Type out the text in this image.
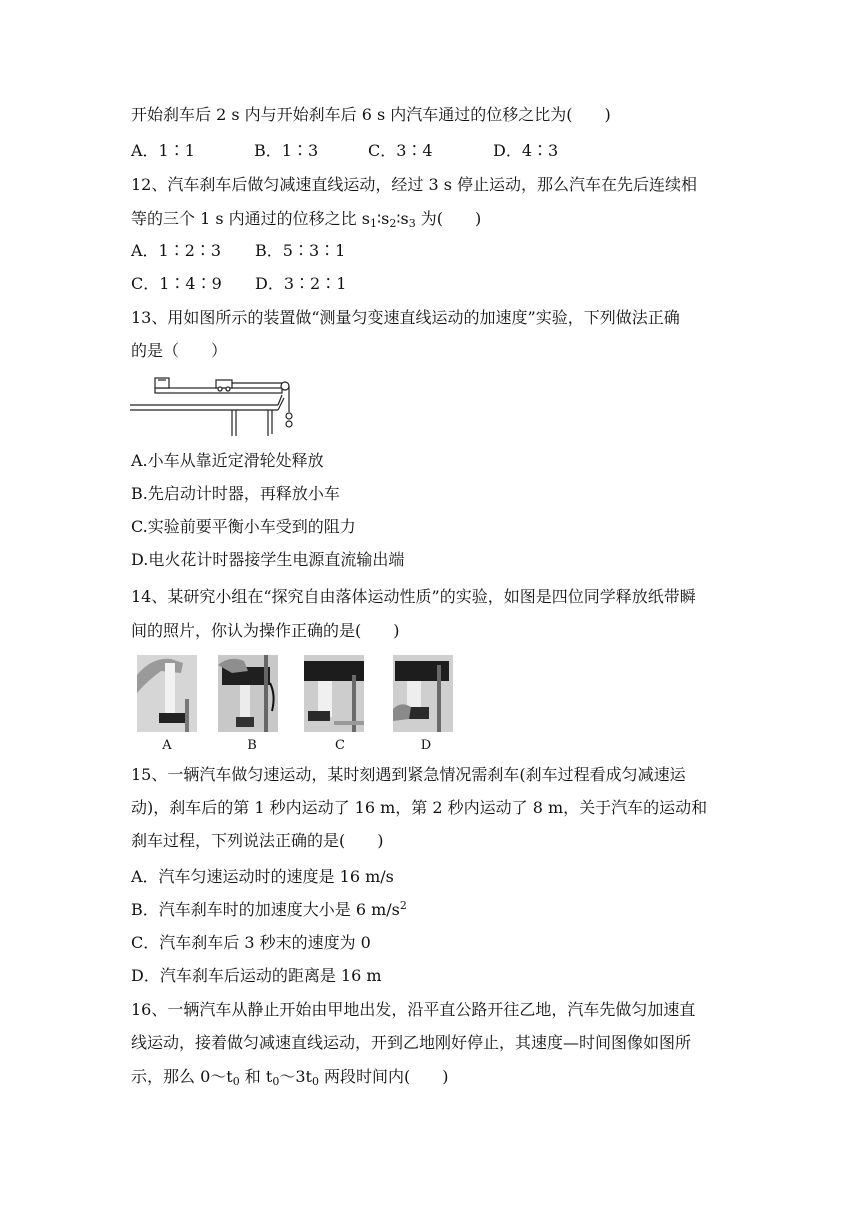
开始刹车后 2 s 内与开始刹车后 6 s 内汽车通过的位移之比为(　　)
A．1∶1	B．1∶3	C．3∶4	D．4∶3
12、汽车刹车后做匀减速直线运动，经过 3 s 停止运动，那么汽车在先后连续相
等的三个 1 s 内通过的位移之比 $s_1∶s_2∶s_3$ 为(　　)
A．1∶2∶3 B．5∶3∶1
C．1∶4∶9 D．3∶2∶1
13、用如图所示的装置做“测量匀变速直线运动的加速度”实验，下列做法正确
的是（　　）
A.小车从靠近定滑轮处释放
B.先启动计时器，再释放小车
C.实验前要平衡小车受到的阻力
D.电火花计时器接学生电源直流输出端
14、某研究小组在“探究自由落体运动性质”的实验，如图是四位同学释放纸带瞬
间的照片，你认为操作正确的是(　　)
A	B	C	D
15、一辆汽车做匀速运动，某时刻遇到紧急情况需刹车(刹车过程看成匀减速运
动)，刹车后的第 1 秒内运动了 16 m，第 2 秒内运动了 8 m，关于汽车的运动和
刹车过程，下列说法正确的是(　　)
A．汽车匀速运动时的速度是 16 m/s
B．汽车刹车时的加速度大小是 6 $m/s^2$
C．汽车刹车后 3 秒末的速度为 0
D．汽车刹车后运动的距离是 16 m
16、一辆汽车从静止开始由甲地出发，沿平直公路开往乙地，汽车先做匀加速直
线运动，接着做匀减速直线运动，开到乙地刚好停止，其速度—时间图像如图所
示，那么 $0\sim t_0$ 和 $t_0\sim 3t_0$ 两段时间内(　　)
